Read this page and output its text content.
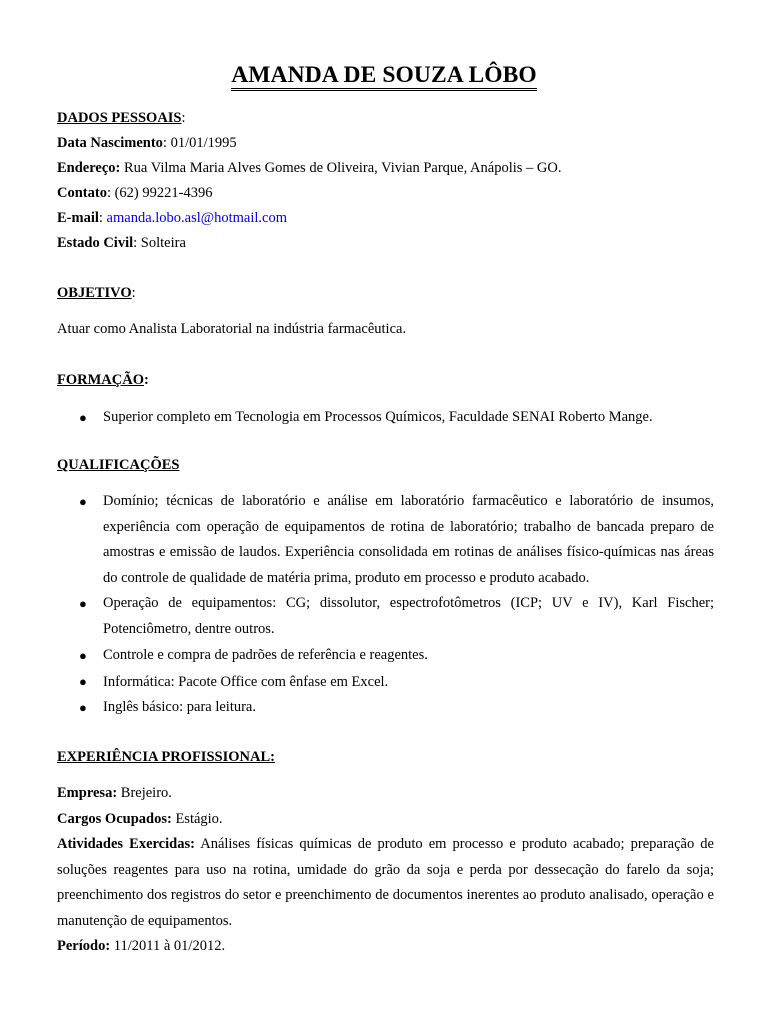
AMANDA DE SOUZA LÔBO
DADOS PESSOAIS:
Data Nascimento: 01/01/1995
Endereço: Rua Vilma Maria Alves Gomes de Oliveira, Vivian Parque, Anápolis – GO.
Contato: (62) 99221-4396
E-mail: amanda.lobo.asl@hotmail.com
Estado Civil: Solteira
OBJETIVO:
Atuar como Analista Laboratorial na indústria farmacêutica.
FORMAÇÃO:
● Superior completo em Tecnologia em Processos Químicos, Faculdade SENAI Roberto Mange.
QUALIFICAÇÕES
● Domínio; técnicas de laboratório e análise em laboratório farmacêutico e laboratório de insumos, experiência com operação de equipamentos de rotina de laboratório; trabalho de bancada preparo de amostras e emissão de laudos. Experiência consolidada em rotinas de análises físico-químicas nas áreas do controle de qualidade de matéria prima, produto em processo e produto acabado.
● Operação de equipamentos: CG; dissolutor, espectrofotômetros (ICP; UV e IV), Karl Fischer; Potenciômetro, dentre outros.
● Controle e compra de padrões de referência e reagentes.
● Informática: Pacote Office com ênfase em Excel.
● Inglês básico: para leitura.
EXPERIÊNCIA PROFISSIONAL:
Empresa: Brejeiro.
Cargos Ocupados: Estágio.
Atividades Exercidas: Análises físicas químicas de produto em processo e produto acabado; preparação de soluções reagentes para uso na rotina, umidade do grão da soja e perda por dessecação do farelo da soja; preenchimento dos registros do setor e preenchimento de documentos inerentes ao produto analisado, operação e manutenção de equipamentos.
Período: 11/2011 à 01/2012.
